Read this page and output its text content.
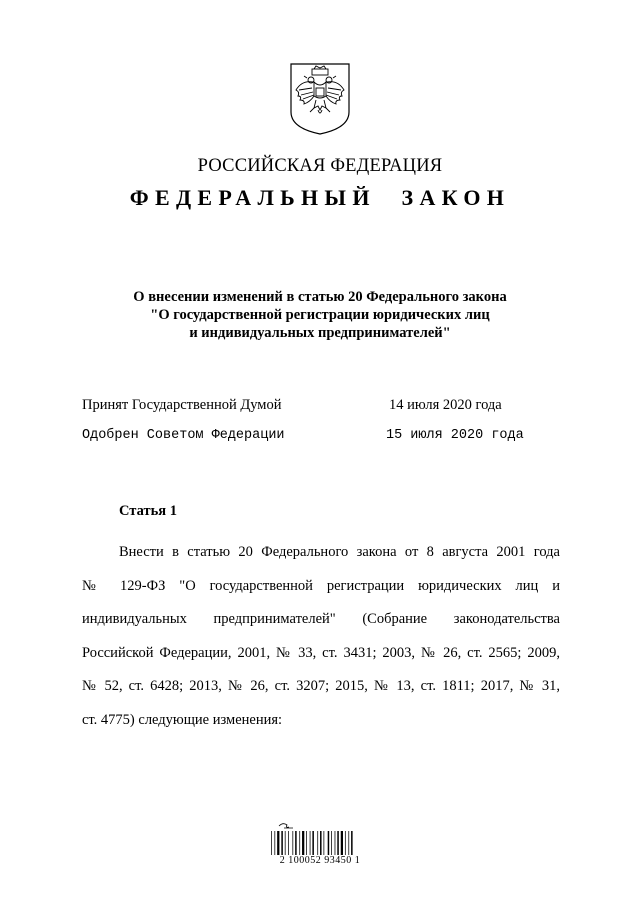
РОССИЙСКАЯ ФЕДЕРАЦИЯ
ФЕДЕРАЛЬНЫЙ ЗАКОН
О внесении изменений в статью 20 Федерального закона
"О государственной регистрации юридических лиц
и индивидуальных предпринимателей"
Принят Государственной Думой	14 июля 2020 года
Одобрен Советом Федерации	15 июля 2020 года
Статья 1
Внести в статью 20 Федерального закона от 8 августа 2001 года
№ 129-ФЗ "О государственной регистрации юридических лиц и
индивидуальных предпринимателей" (Собрание законодательства
Российской Федерации, 2001, № 33, ст. 3431; 2003, № 26, ст. 2565; 2009,
№ 52, ст. 6428; 2013, № 26, ст. 3207; 2015, № 13, ст. 1811; 2017, № 31,
ст. 4775) следующие изменения:
2 100052 93450 1
